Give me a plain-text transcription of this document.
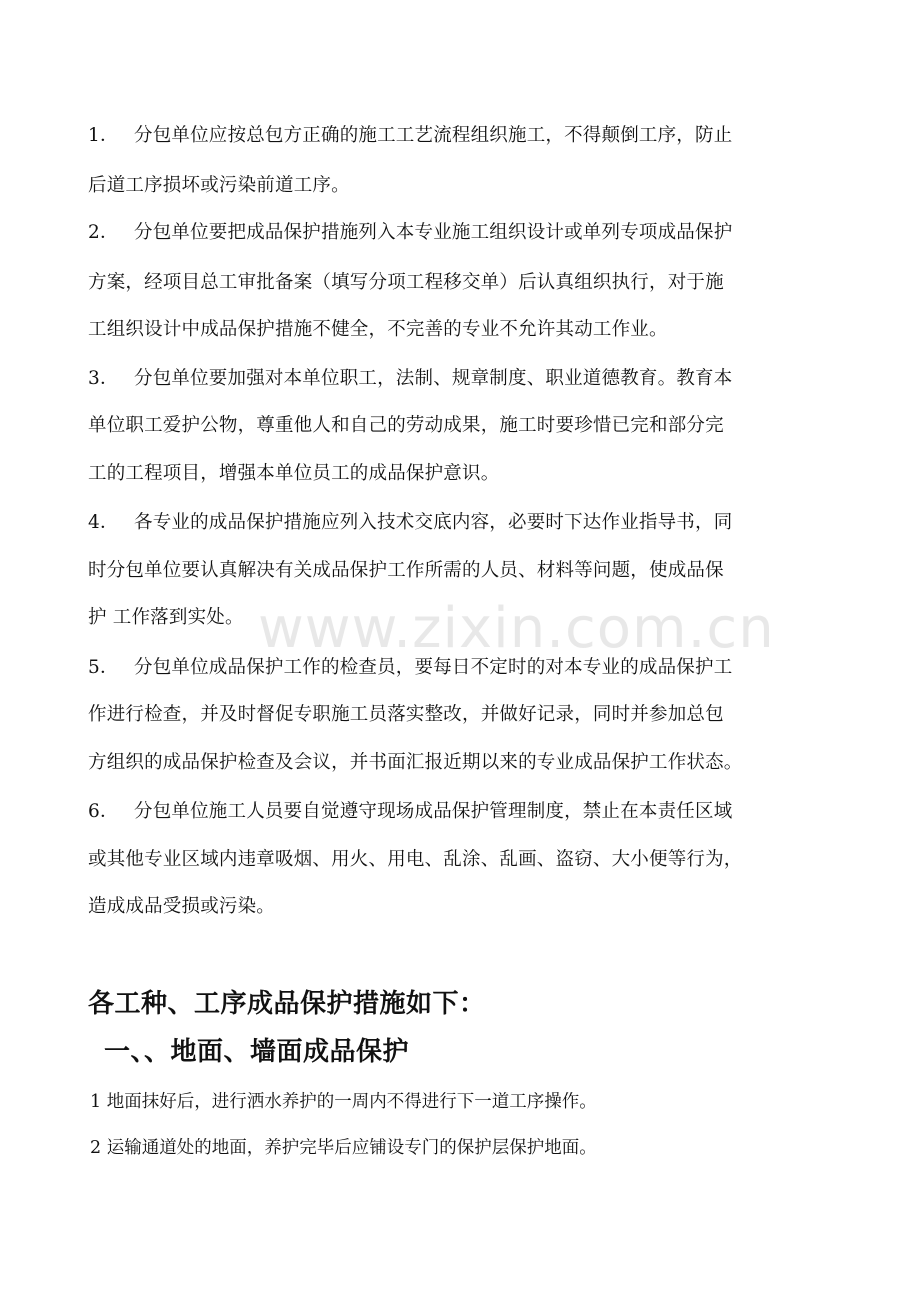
1． 分包单位应按总包方正确的施工工艺流程组织施工，不得颠倒工序，防止
后道工序损坏或污染前道工序。
2． 分包单位要把成品保护措施列入本专业施工组织设计或单列专项成品保护
方案，经项目总工审批备案（填写分项工程移交单）后认真组织执行，对于施
工组织设计中成品保护措施不健全，不完善的专业不允许其动工作业。
3． 分包单位要加强对本单位职工，法制、规章制度、职业道德教育。教育本
单位职工爱护公物，尊重他人和自己的劳动成果，施工时要珍惜已完和部分完
工的工程项目，增强本单位员工的成品保护意识。
4． 各专业的成品保护措施应列入技术交底内容，必要时下达作业指导书，同
时分包单位要认真解决有关成品保护工作所需的人员、材料等问题，使成品保
护 工作落到实处。
5． 分包单位成品保护工作的检查员，要每日不定时的对本专业的成品保护工
作进行检查，并及时督促专职施工员落实整改，并做好记录，同时并参加总包
方组织的成品保护检查及会议，并书面汇报近期以来的专业成品保护工作状态。
6． 分包单位施工人员要自觉遵守现场成品保护管理制度，禁止在本责任区域
或其他专业区域内违章吸烟、用火、用电、乱涂、乱画、盗窃、大小便等行为，
造成成品受损或污染。
各工种、工序成品保护措施如下：
一、、地面、墙面成品保护
1 地面抹好后，进行洒水养护的一周内不得进行下一道工序操作。
2 运输通道处的地面，养护完毕后应铺设专门的保护层保护地面。
www.zixin.com.cn
